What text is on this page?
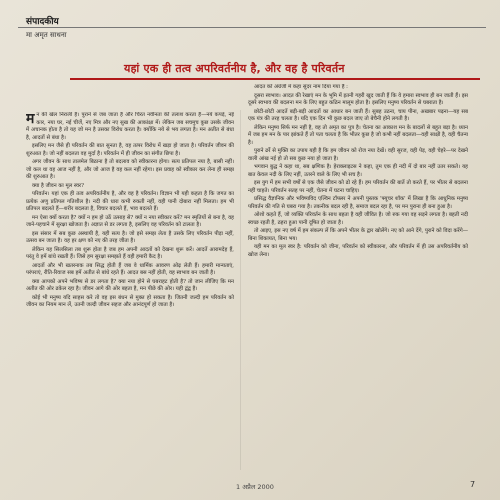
संपादकीय
मा अमृत साधना
यहां एक ही तत्व अपरिवर्तनीय है, और वह है परिवर्तन
म न की खेल निराली है। पुराने से जब जाता है और चिरत नवीनता की तलाश करता है—नये कपड़े, नई कार, नया घर, नई चीजें, नए मित्र और नए सुख की आकांक्षा में। लेकिन जब सचमुच कुछ उसके जीवन में अचानक होता है तो यह जो मन है उसका विरोध करता है। क्योंकि नये से भय लगता है। मन अतीत से बंधा है, आदतों से बंधा है।

इसलिए मन जैसे ही परिवर्तन की बात सुनता है, वह तत्पर विरोध में खड़ा हो जाता है। परिवर्तन जीवन की शुरुआत है। जो नहीं बदलता वह मुर्दा है। परिवर्तन में ही जीवन का संगीत छिपा है।

अगर जीवन के साथ तालमेल बिठाना है तो बदलाव को स्वीकारना होगा। सत्य प्रतिपल नया है, बासी नहीं। जो कल था वह आज नहीं है, और जो आज है वह कल नहीं रहेगा। इस प्रवाह को स्वीकार कर लेना ही समझ की शुरुआत है।

क्या है जीवन का मूल स्वर?

परिवर्तन। यहां एक ही तत्व अपरिवर्तनीय है, और वह है परिवर्तन। विज्ञान भी यही कहता है कि जगत का प्रत्येक अणु प्रतिपल गतिशील है। नदी की धारा कभी रुकती नहीं, वही पानी दोबारा नहीं मिलता। हम भी प्रतिपल बदलते हैं—शरीर बदलता है, विचार बदलते हैं, भाव बदलते हैं।

मन ऐसा क्यों करता है? क्यों न हम हो उठें उत्साह से? क्यों न नया स्वीकार करें? मन स्मृतियों से बना है, वह जाने-पहचाने में सुरक्षा खोजता है। अज्ञात से डर लगता है, इसलिए वह परिवर्तन को टालता है।

इस संसार में सब कुछ अस्थायी है, यही सत्य है। जो इसे समझ लेता है उसके लिए परिवर्तन पीड़ा नहीं, उत्सव बन जाता है। वह हर क्षण को नए की तरह जीता है।

लेकिन यह सिलसिला तब शुरू होता है जब हम अपनी आदतों को देखना शुरू करें। आदतें आरामदेह हैं, परंतु वे हमें बांधे रखती हैं। जिसे हम सुरक्षा समझते हैं वही हमारी कैद है।

आदतों और भी खतरनाक तब सिद्ध होती हैं जब वे धार्मिक आवरण ओढ़ लेती हैं। हमारी मान्यताएं, परंपराएं, रीति-रिवाज सब हमें अतीत से बांधे रहते हैं। आदत बस नहीं होती, वह स्वभाव बन जाती है।

क्या आपको अपने भविष्य से डर लगता है? क्या नया होने से घबराहट होती है? तो जान लीजिए कि मन अतीत की ओर ढकेल रहा है। जीवन आगे की ओर बहता है, मन पीछे की ओर। यही द्वंद्व है।

कोई भी मनुष्य यदि साहस करे तो वह इस बंधन से मुक्त हो सकता है। जितनी जल्दी हम परिवर्तन को जीवन का नियम मान लें, उतनी जल्दी जीवन सहज और आनंदपूर्ण हो जाता है।

आदत को अंग्रेजी में कहा सुंदर नाम दिया गया है :

दूसरा स्वभाव। आदत की रेखाएं मन के भूमि में इतनी गहरी खुद जाती हैं कि वे हमारा स्वभाव ही बन जाती हैं। इस दूसरे स्वभाव की बदलना मन के लिए बहुत कठिन मालूम होता है। इसलिए मनुष्य परिवर्तन से घबराता है।

छोटी-छोटी आदतें बड़ी-बड़ी आदतों का आधार बन जाती हैं। सुबह उठना, चाय पीना, अखबार पढ़ना—यह सब एक यंत्र की तरह चलता है। यदि एक दिन भी कुछ बदल जाए तो बेचैनी होने लगती है।

लेकिन मनुष्य सिर्फ मन नहीं है, वह तो अमृत का पुत्र है। चेतना का आकाश मन के बादलों से बहुत बड़ा है। ध्यान में जब हम मन के पार झांकते हैं तो पता चलता है कि भीतर कुछ है जो कभी नहीं बदलता—वही साक्षी है, वही चैतन्य है।

पुराने ढर्रे से मुक्ति का उपाय यही है कि हम जीवन को रोज नया देखें। वही सूरज, वही पेड़, वही चेहरे—पर देखने वाली आंख नई हो तो सब कुछ नया हो जाता है।

भगवान बुद्ध ने कहा था, सब क्षणिक है। हेराक्लाइटस ने कहा, तुम एक ही नदी में दो बार नहीं उतर सकते। यह बात केवल नदी के लिए नहीं, उतरने वाले के लिए भी सच है।

इस युग में हम सभी वर्षों से एक जैसे जीवन को ढो रहे हैं। हम परिवर्तन की बातें तो करते हैं, पर भीतर से बदलना नहीं चाहते। परिवर्तन सतह पर नहीं, चेतना में घटना चाहिए।

प्रसिद्ध वैज्ञानिक और भविष्यविद एल्विन टॉफ्लर ने अपनी पुस्तक 'फ्यूचर शॉक' में लिखा है कि आधुनिक मनुष्य परिवर्तन की गति से घबरा गया है। तकनीक बदल रही है, समाज बदल रहा है, पर मन पुराना ही बना हुआ है।

ओशो कहते हैं, जो व्यक्ति परिवर्तन के साथ बहता है वही जीवित है। जो रुक गया वह सड़ने लगता है। बहती नदी स्वच्छ रहती है, ठहरा हुआ पानी दूषित हो जाता है।

तो आइए, इस नए वर्ष में हम संकल्प लें कि अपने भीतर के द्वार खोलेंगे। नए को आने देंगे, पुराने को विदा करेंगे—बिना शिकायत, बिना भय।

यही मन का मूल स्वर है: परिवर्तन को जीना, परिवर्तन को स्वीकारना, और परिवर्तन में ही उस अपरिवर्तनीय को खोज लेना।

1 अप्रैल 2000	7
